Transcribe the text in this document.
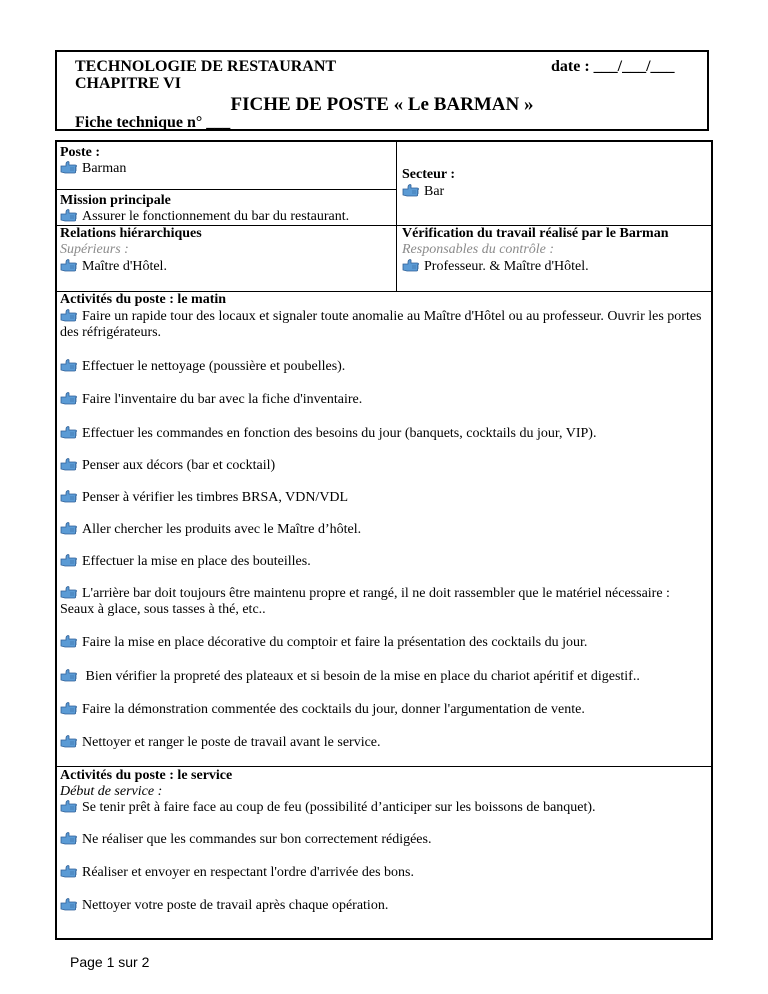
TECHNOLOGIE DE RESTAURANT
CHAPITRE VI
date : ___/___/___
FICHE DE POSTE « Le BARMAN »
Fiche technique n° ___
Poste :
Barman	Secteur :
Bar
Mission principale
Assurer le fonctionnement du bar du restaurant.
Relations hiérarchiques
Supérieurs :
Maître d'Hôtel.
Vérification du travail réalisé par le Barman
Responsables du contrôle :
Professeur. & Maître d'Hôtel.
Activités du poste : le matin
Faire un rapide tour des locaux et signaler toute anomalie au Maître d'Hôtel ou au professeur. Ouvrir les portes des réfrigérateurs.
Effectuer le nettoyage (poussière et poubelles).
Faire l'inventaire du bar avec la fiche d'inventaire.
Effectuer les commandes en fonction des besoins du jour (banquets, cocktails du jour, VIP).
Penser aux décors (bar et cocktail)
Penser à vérifier les timbres BRSA, VDN/VDL
Aller chercher les produits avec le Maître d’hôtel.
Effectuer la mise en place des bouteilles.
L'arrière bar doit toujours être maintenu propre et rangé, il ne doit rassembler que le matériel nécessaire : Seaux à glace, sous tasses à thé, etc..
Faire la mise en place décorative du comptoir et faire la présentation des cocktails du jour.
Bien vérifier la propreté des plateaux et si besoin de la mise en place du chariot apéritif et digestif..
Faire la démonstration commentée des cocktails du jour, donner l'argumentation de vente.
Nettoyer et ranger le poste de travail avant le service.
Activités du poste : le service
Début de service :
Se tenir prêt à faire face au coup de feu (possibilité d’anticiper sur les boissons de banquet).
Ne réaliser que les commandes sur bon correctement rédigées.
Réaliser et envoyer en respectant l'ordre d'arrivée des bons.
Nettoyer votre poste de travail après chaque opération.
Page 1 sur 2
